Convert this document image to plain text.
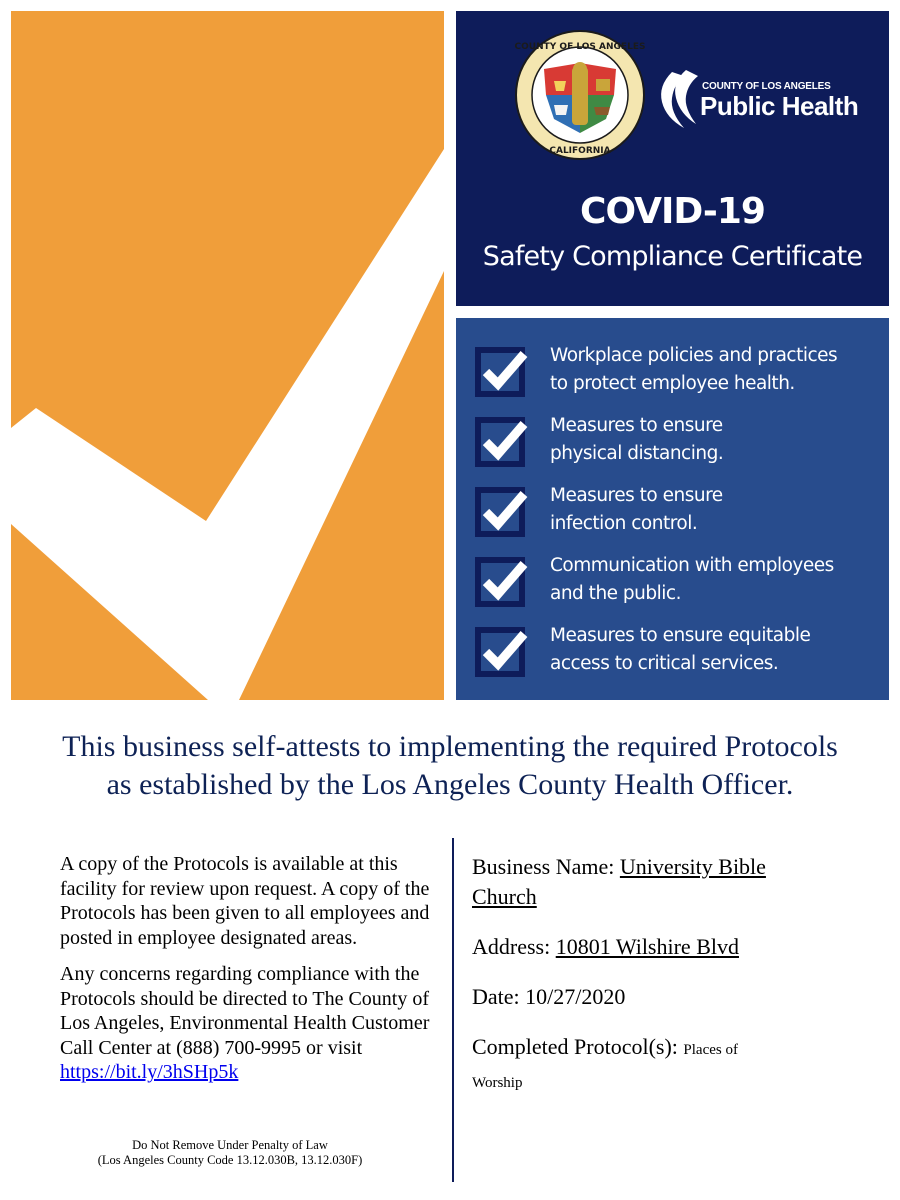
COUNTY OF LOS ANGELES
CALIFORNIA
COUNTY OF LOS ANGELES
Public Health
COVID-19
Safety Compliance Certificate
Workplace policies and practices
to protect employee health.
Measures to ensure
physical distancing.
Measures to ensure
infection control.
Communication with employees
and the public.
Measures to ensure equitable
access to critical services.
This business self-attests to implementing the required Protocols
as established by the Los Angeles County Health Officer.

A copy of the Protocols is available at this facility for review upon request. A copy of the Protocols has been given to all employees and posted in employee designated areas.

Any concerns regarding compliance with the Protocols should be directed to The County of Los Angeles, Environmental Health Customer Call Center at (888) 700-9995 or visit https://bit.ly/3hSHp5k

Do Not Remove Under Penalty of Law
(Los Angeles County Code 13.12.030B, 13.12.030F)
Business Name: University Bible
Church
Address: 10801 Wilshire Blvd
Date: 10/27/2020
Completed Protocol(s): Places of
Worship
